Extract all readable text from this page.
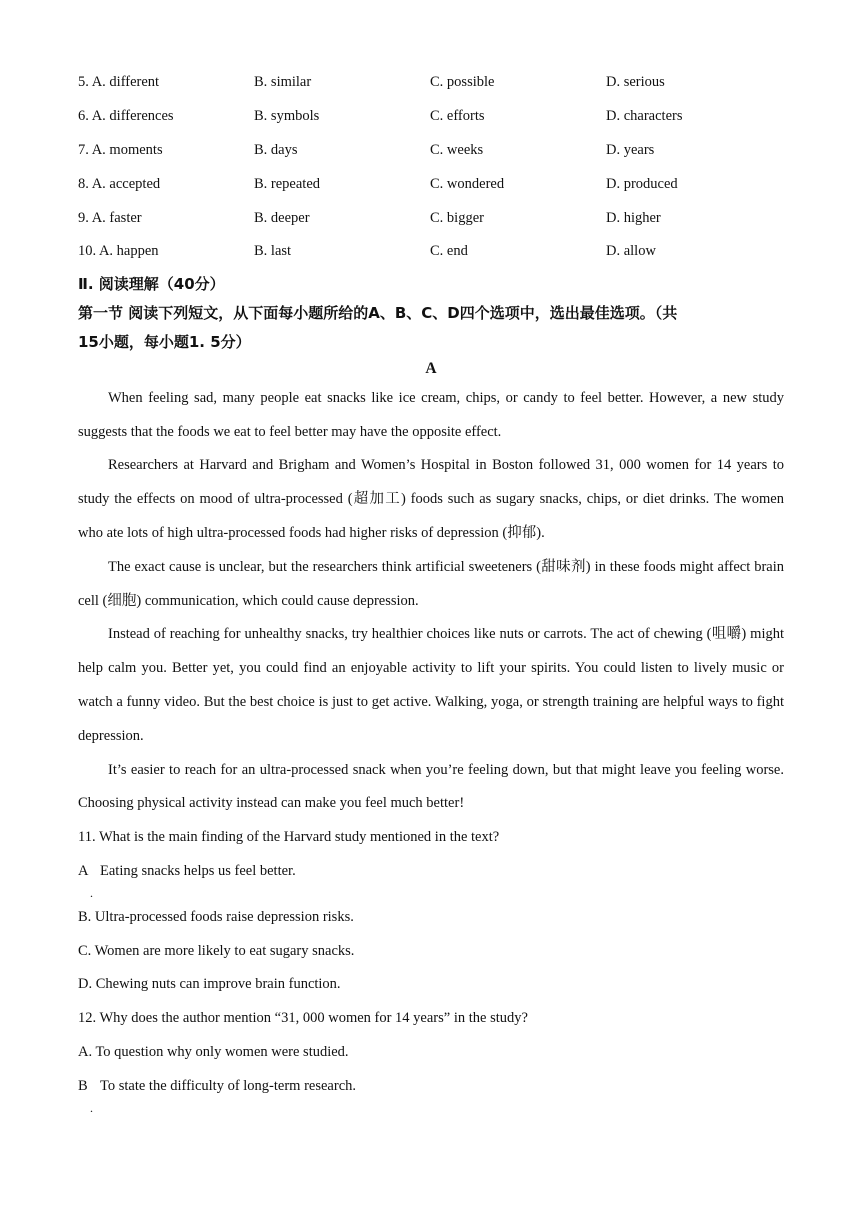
5. A. different	B. similar	C. possible	D. serious
6. A. differences	B. symbols	C. efforts	D. characters
7. A. moments	B. days	C. weeks	D. years
8. A. accepted	B. repeated	C. wondered	D. produced
9. A. faster	B. deeper	C. bigger	D. higher
10. A. happen	B. last	C. end	D. allow
Ⅱ. 阅读理解（40分）
第一节 阅读下列短文，从下面每小题所给的A、B、C、D四个选项中，选出最佳选项。（共
15小题，每小题1. 5分）
A

When feeling sad, many people eat snacks like ice cream, chips, or candy to feel better. However, a new study suggests that the foods we eat to feel better may have the opposite effect.

Researchers at Harvard and Brigham and Women’s Hospital in Boston followed 31, 000 women for 14 years to study the effects on mood of ultra-processed (超加工) foods such as sugary snacks, chips, or diet drinks. The women who ate lots of high ultra-processed foods had higher risks of depression (抑郁).

The exact cause is unclear, but the researchers think artificial sweeteners (甜味剂) in these foods might affect brain cell (细胞) communication, which could cause depression.

Instead of reaching for unhealthy snacks, try healthier choices like nuts or carrots. The act of chewing (咀嚼) might help calm you. Better yet, you could find an enjoyable activity to lift your spirits. You could listen to lively music or watch a funny video. But the best choice is just to get active. Walking, yoga, or strength training are helpful ways to fight depression.

It’s easier to reach for an ultra-processed snack when you’re feeling down, but that might leave you feeling worse. Choosing physical activity instead can make you feel much better!

11. What is the main finding of the Harvard study mentioned in the text?

A Eating snacks helps us feel better.
.

B. Ultra-processed foods raise depression risks.

C. Women are more likely to eat sugary snacks.

D. Chewing nuts can improve brain function.

12. Why does the author mention “31, 000 women for 14 years” in the study?

A. To question why only women were studied.

B To state the difficulty of long-term research.
.
